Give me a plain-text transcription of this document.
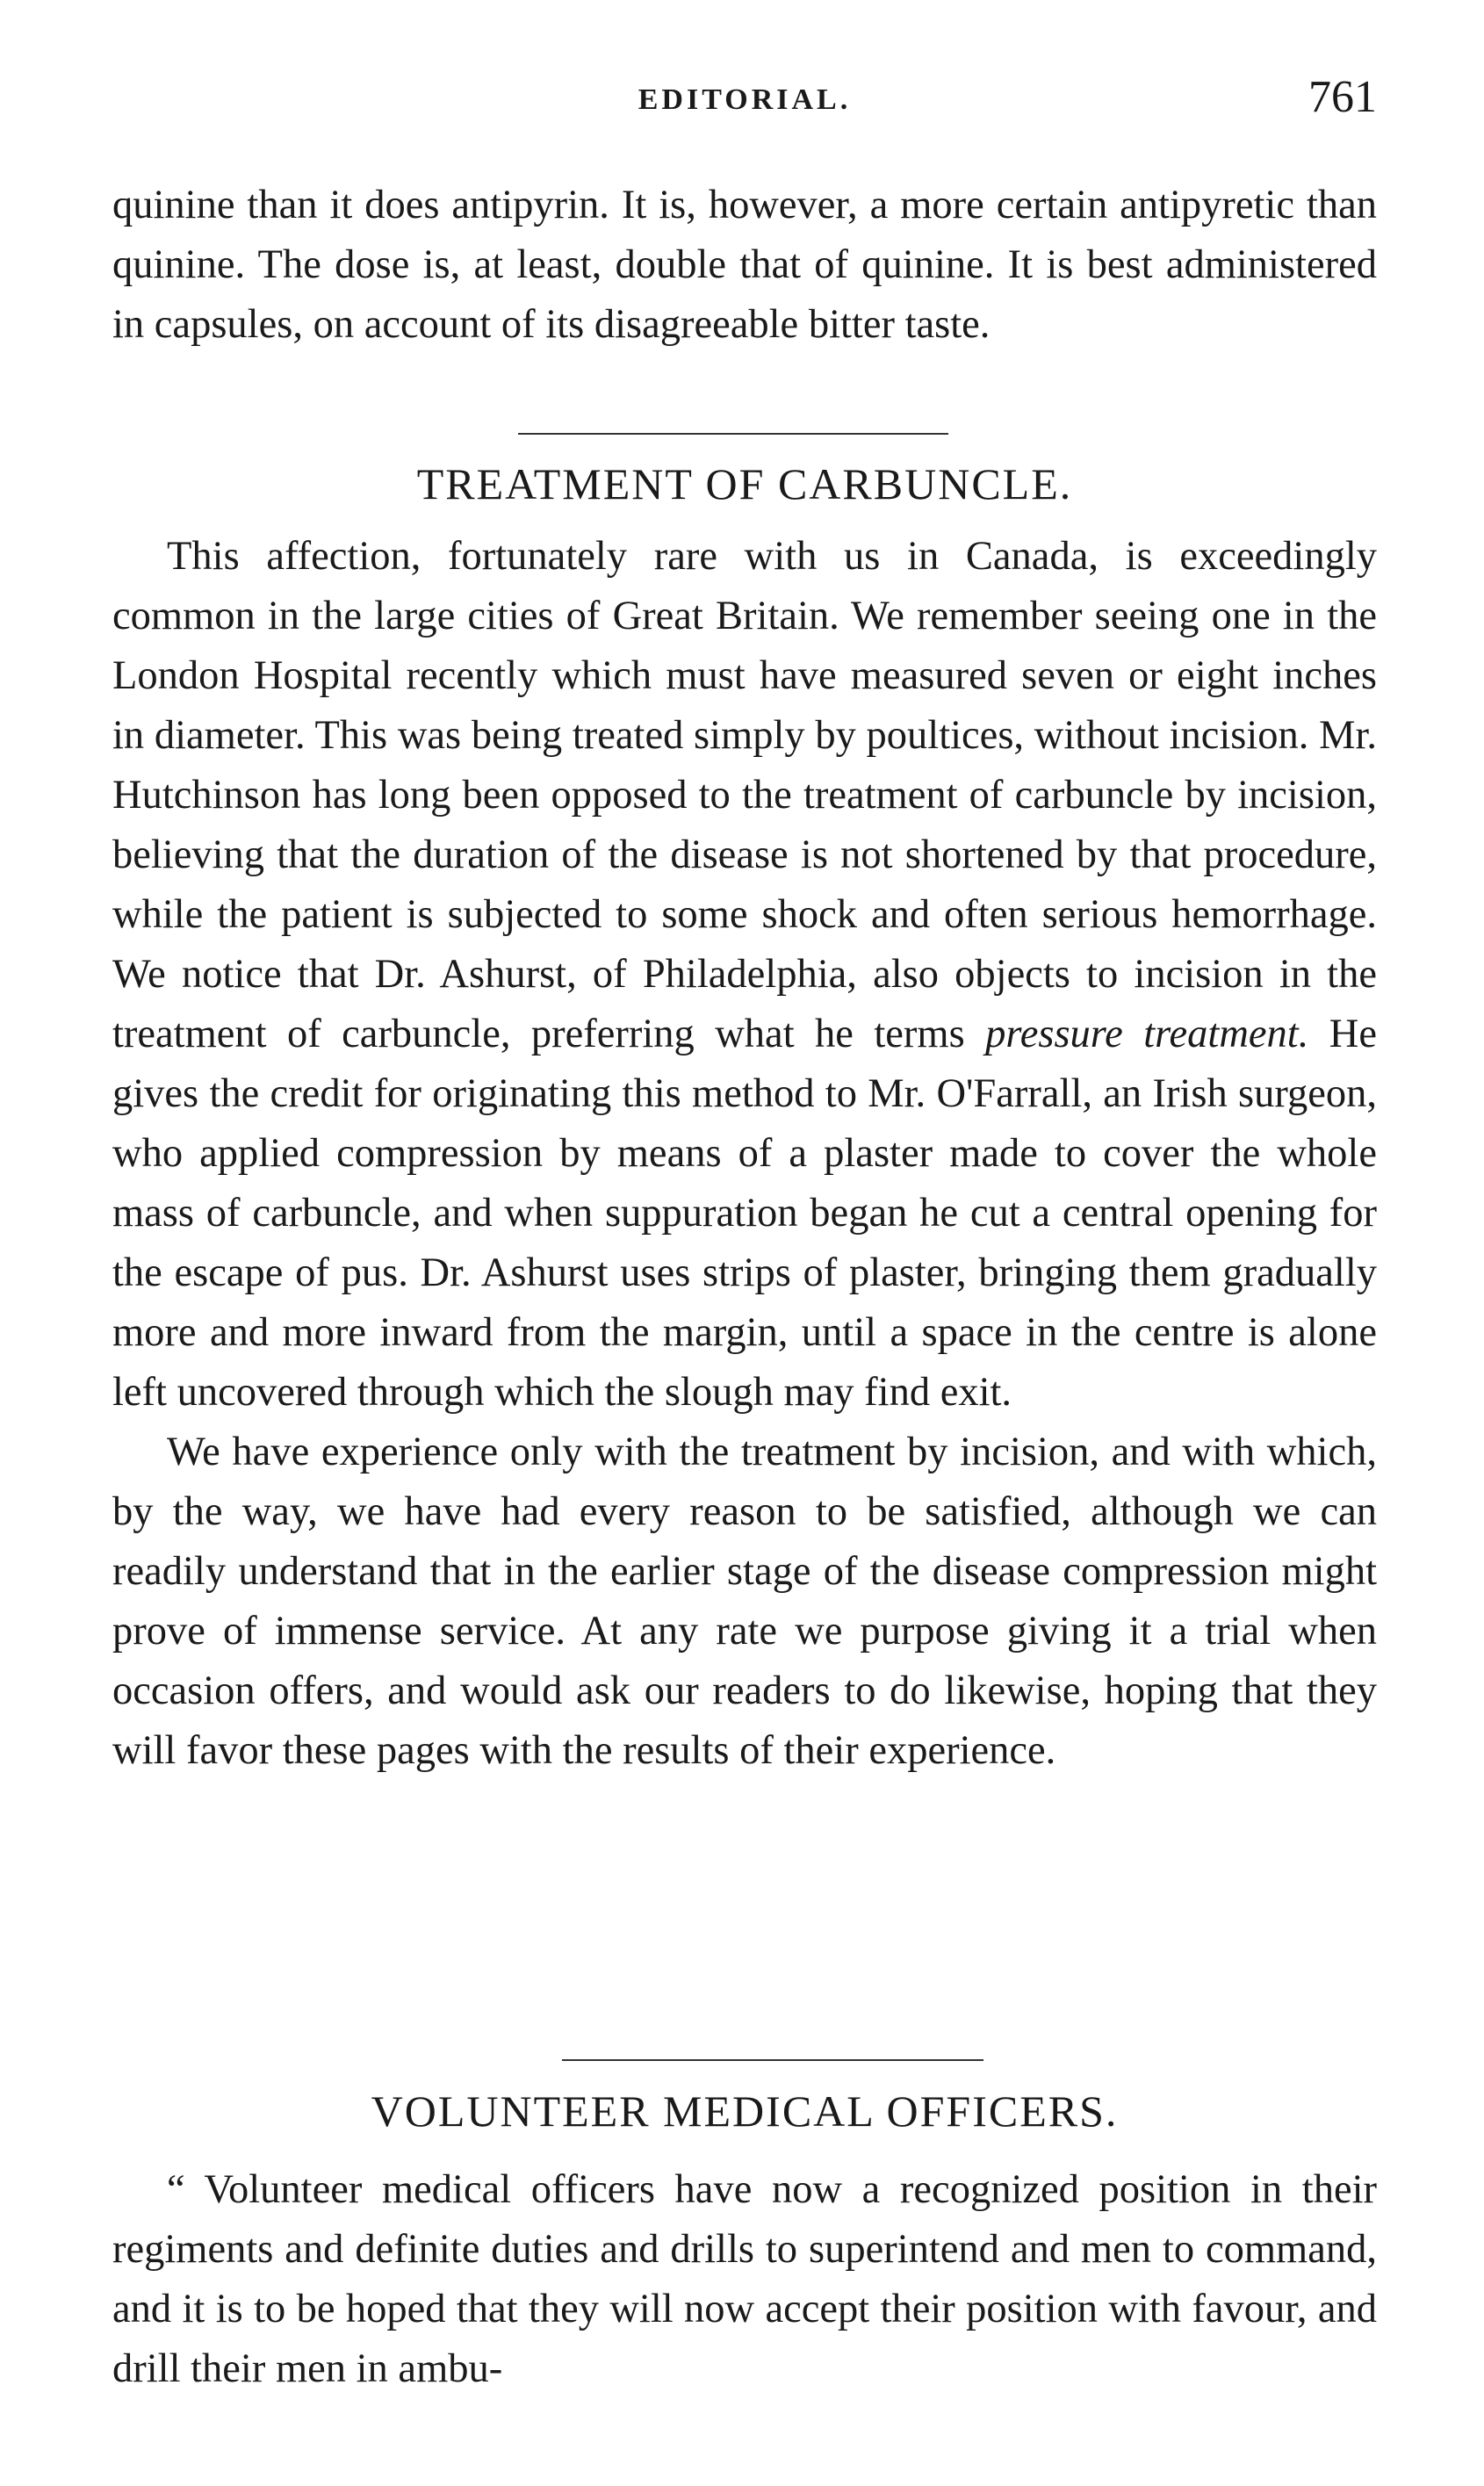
EDITORIAL.	761

quinine than it does antipyrin. It is, however, a more certain antipyretic than quinine. The dose is, at least, double that of quinine. It is best administered in capsules, on account of its disagreeable bitter taste.

TREATMENT OF CARBUNCLE.

This affection, fortunately rare with us in Canada, is exceedingly common in the large cities of Great Britain. We remember seeing one in the London Hospital recently which must have measured seven or eight inches in diameter. This was being treated simply by poultices, without incision. Mr. Hutchinson has long been opposed to the treatment of carbuncle by incision, believing that the duration of the disease is not shortened by that procedure, while the patient is subjected to some shock and often serious hemorrhage. We notice that Dr. Ashurst, of Philadelphia, also objects to incision in the treatment of carbuncle, preferring what he terms pressure treatment. He gives the credit for originating this method to Mr. O'Farrall, an Irish surgeon, who applied compression by means of a plaster made to cover the whole mass of carbuncle, and when suppuration began he cut a central opening for the escape of pus. Dr. Ashurst uses strips of plaster, bringing them gradually more and more inward from the margin, until a space in the centre is alone left uncovered through which the slough may find exit.

We have experience only with the treatment by incision, and with which, by the way, we have had every reason to be satisfied, although we can readily understand that in the earlier stage of the disease compression might prove of immense service. At any rate we purpose giving it a trial when occasion offers, and would ask our readers to do likewise, hoping that they will favor these pages with the results of their experience.

VOLUNTEER MEDICAL OFFICERS.

“ Volunteer medical officers have now a recognized position in their regiments and definite duties and drills to superintend and men to command, and it is to be hoped that they will now accept their position with favour, and drill their men in ambu-
